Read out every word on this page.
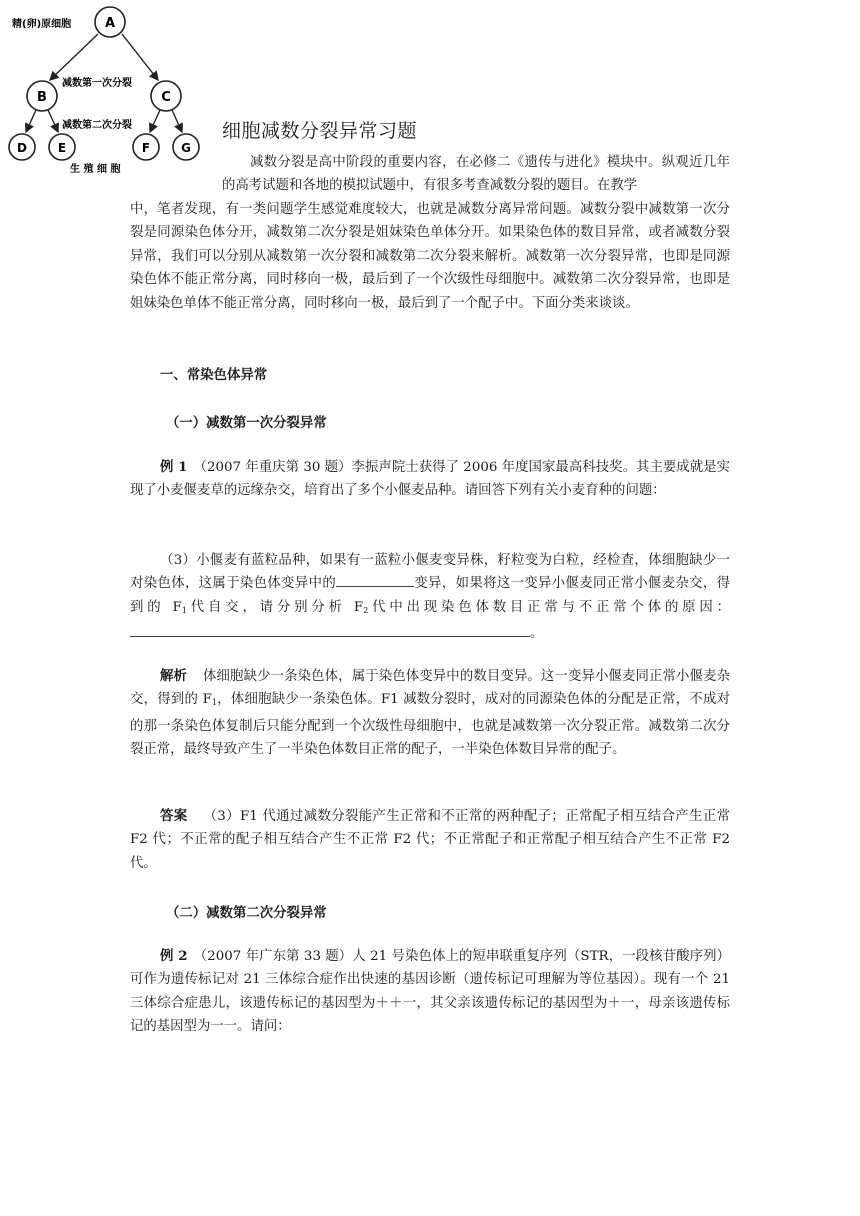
A
B	C
D	E	F	G
精(卵)原细胞
减数第一次分裂
减数第二次分裂
生 殖 细 胞
细胞减数分裂异常习题

减数分裂是高中阶段的重要内容，在必修二《遗传与进化》模块中。纵观近几年的高考试题和各地的模拟试题中，有很多考查减数分裂的题目。在教学

中，笔者发现，有一类问题学生感觉难度较大，也就是减数分离异常问题。减数分裂中减数第一次分裂是同源染色体分开，减数第二次分裂是姐妹染色单体分开。如果染色体的数目异常，或者减数分裂异常，我们可以分别从减数第一次分裂和减数第二次分裂来解析。减数第一次分裂异常，也即是同源染色体不能正常分离，同时移向一极，最后到了一个次级性母细胞中。减数第二次分裂异常，也即是姐妹染色单体不能正常分离，同时移向一极，最后到了一个配子中。下面分类来谈谈。

一、常染色体异常
（一）减数第一次分裂异常

例 1 （2007 年重庆第 30 题）李振声院士获得了 2006 年度国家最高科技奖。其主要成就是实现了小麦偃麦草的远缘杂交，培育出了多个小偃麦品种。请回答下列有关小麦育种的问题：

（3）小偃麦有蓝粒品种，如果有一蓝粒小偃麦变异株，籽粒变为白粒，经检查，体细胞缺少一对染色体，这属于染色体变异中的	变异，如果将这一变异小偃麦同正常小偃麦杂交，得到的 $F_1$代自交，请分别分析 $F_2$代中出现染色体数目正常与不正常个体的原因：。

解析 体细胞缺少一条染色体，属于染色体变异中的数目变异。这一变异小偃麦同正常小偃麦杂交，得到的 $F_1$，体细胞缺少一条染色体。F1 减数分裂时，成对的同源染色体的分配是正常，不成对的那一条染色体复制后只能分配到一个次级性母细胞中，也就是减数第一次分裂正常。减数第二次分裂正常，最终导致产生了一半染色体数目正常的配子，一半染色体数目异常的配子。

答案 （3）F1 代通过减数分裂能产生正常和不正常的两种配子；正常配子相互结合产生正常 F2 代；不正常的配子相互结合产生不正常 F2 代；不正常配子和正常配子相互结合产生不正常 F2 代。

（二）减数第二次分裂异常

例 2 （2007 年广东第 33 题）人 21 号染色体上的短串联重复序列（STR，一段核苷酸序列）可作为遗传标记对 21 三体综合症作出快速的基因诊断（遗传标记可理解为等位基因）。现有一个 21 三体综合症患儿，该遗传标记的基因型为＋＋一，其父亲该遗传标记的基因型为＋一，母亲该遗传标记的基因型为一一。请问：
